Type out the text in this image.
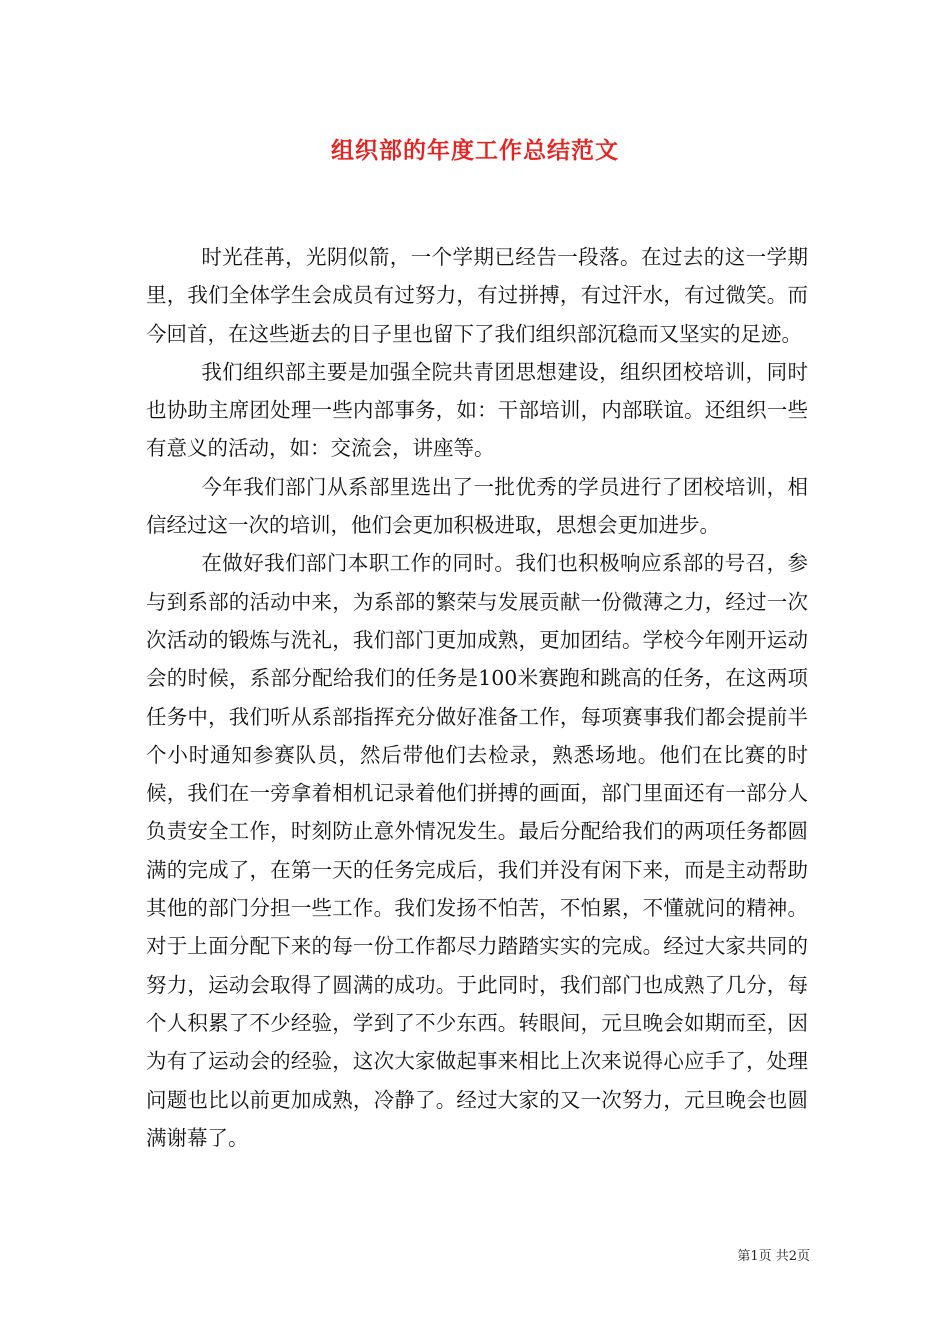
组织部的年度工作总结范文

时光荏苒，光阴似箭，一个学期已经告一段落。在过去的这一学期里，我们全体学生会成员有过努力，有过拼搏，有过汗水，有过微笑。而今回首，在这些逝去的日子里也留下了我们组织部沉稳而又坚实的足迹。

我们组织部主要是加强全院共青团思想建设，组织团校培训，同时也协助主席团处理一些内部事务，如：干部培训，内部联谊。还组织一些有意义的活动，如：交流会，讲座等。

今年我们部门从系部里选出了一批优秀的学员进行了团校培训，相信经过这一次的培训，他们会更加积极进取，思想会更加进步。

在做好我们部门本职工作的同时。我们也积极响应系部的号召，参与到系部的活动中来，为系部的繁荣与发展贡献一份微薄之力，经过一次次活动的锻炼与洗礼，我们部门更加成熟，更加团结。学校今年刚开运动会的时候，系部分配给我们的任务是100米赛跑和跳高的任务，在这两项任务中，我们听从系部指挥充分做好准备工作，每项赛事我们都会提前半个小时通知参赛队员，然后带他们去检录，熟悉场地。他们在比赛的时候，我们在一旁拿着相机记录着他们拼搏的画面，部门里面还有一部分人负责安全工作，时刻防止意外情况发生。最后分配给我们的两项任务都圆满的完成了，在第一天的任务完成后，我们并没有闲下来，而是主动帮助其他的部门分担一些工作。我们发扬不怕苦，不怕累，不懂就问的精神。对于上面分配下来的每一份工作都尽力踏踏实实的完成。经过大家共同的努力，运动会取得了圆满的成功。于此同时，我们部门也成熟了几分，每个人积累了不少经验，学到了不少东西。转眼间，元旦晚会如期而至，因为有了运动会的经验，这次大家做起事来相比上次来说得心应手了，处理问题也比以前更加成熟，冷静了。经过大家的又一次努力，元旦晚会也圆满谢幕了。

第1页 共2页
